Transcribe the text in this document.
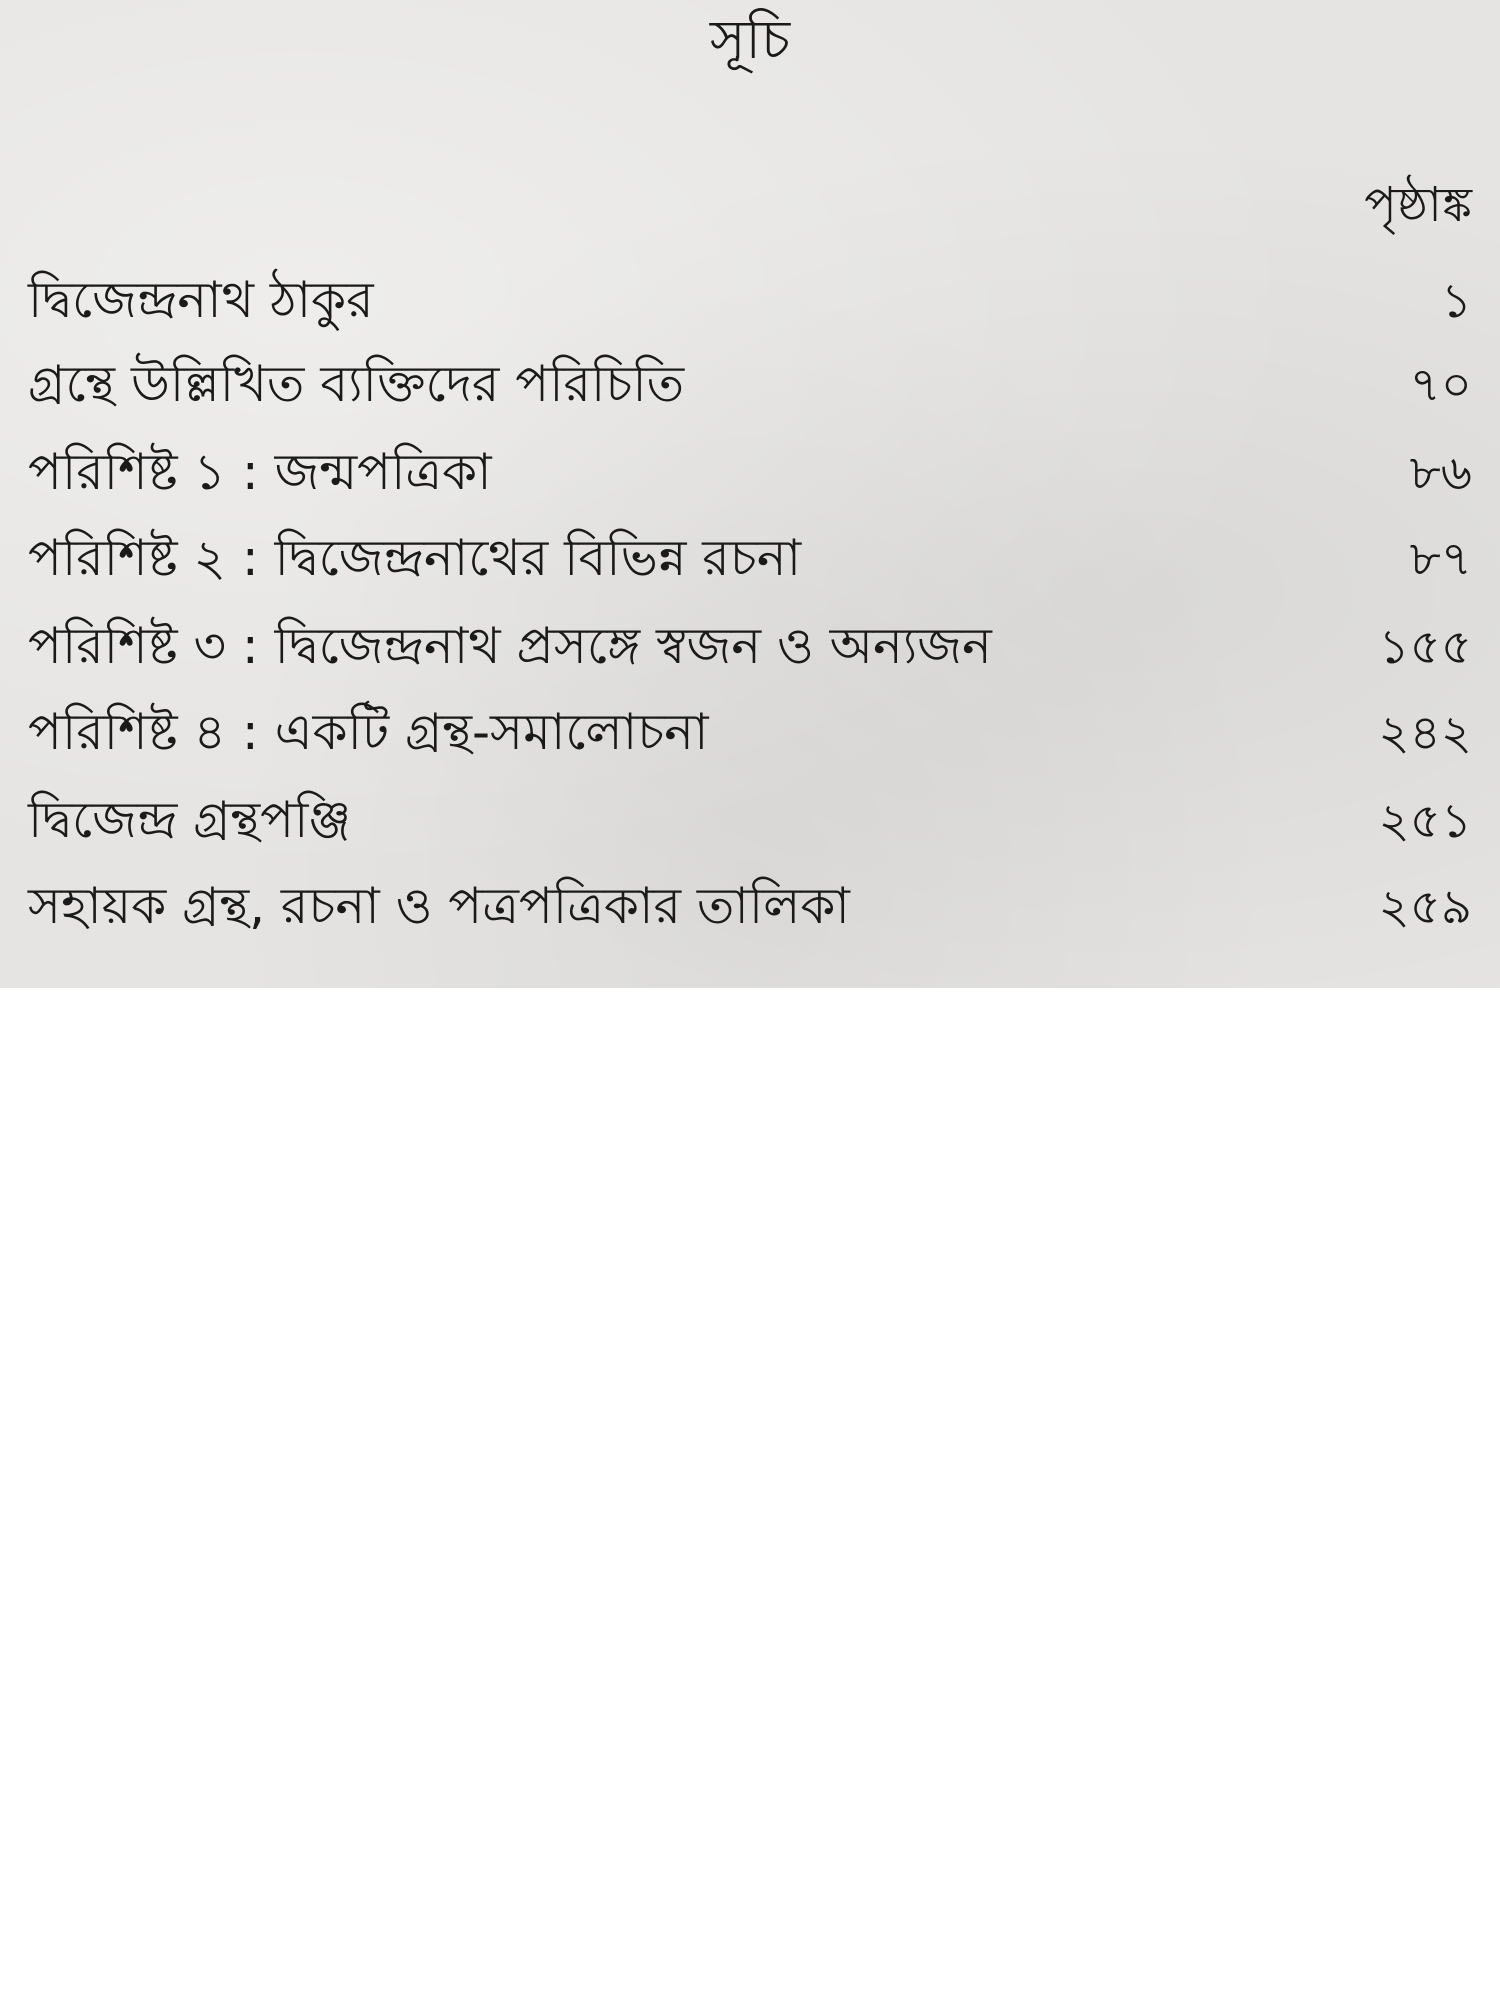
সূচি
পৃষ্ঠাঙ্ক
দ্বিজেন্দ্রনাথ ঠাকুর	১
গ্রন্থে উল্লিখিত ব্যক্তিদের পরিচিতি	৭০
পরিশিষ্ট ১ : জন্মপত্রিকা	৮৬
পরিশিষ্ট ২ : দ্বিজেন্দ্রনাথের বিভিন্ন রচনা	৮৭
পরিশিষ্ট ৩ : দ্বিজেন্দ্রনাথ প্রসঙ্গে স্বজন ও অন্যজন	১৫৫
পরিশিষ্ট ৪ : একটি গ্রন্থ-সমালোচনা	২৪২
দ্বিজেন্দ্র গ্রন্থপঞ্জি	২৫১
সহায়ক গ্রন্থ, রচনা ও পত্রপত্রিকার তালিকা	২৫৯
